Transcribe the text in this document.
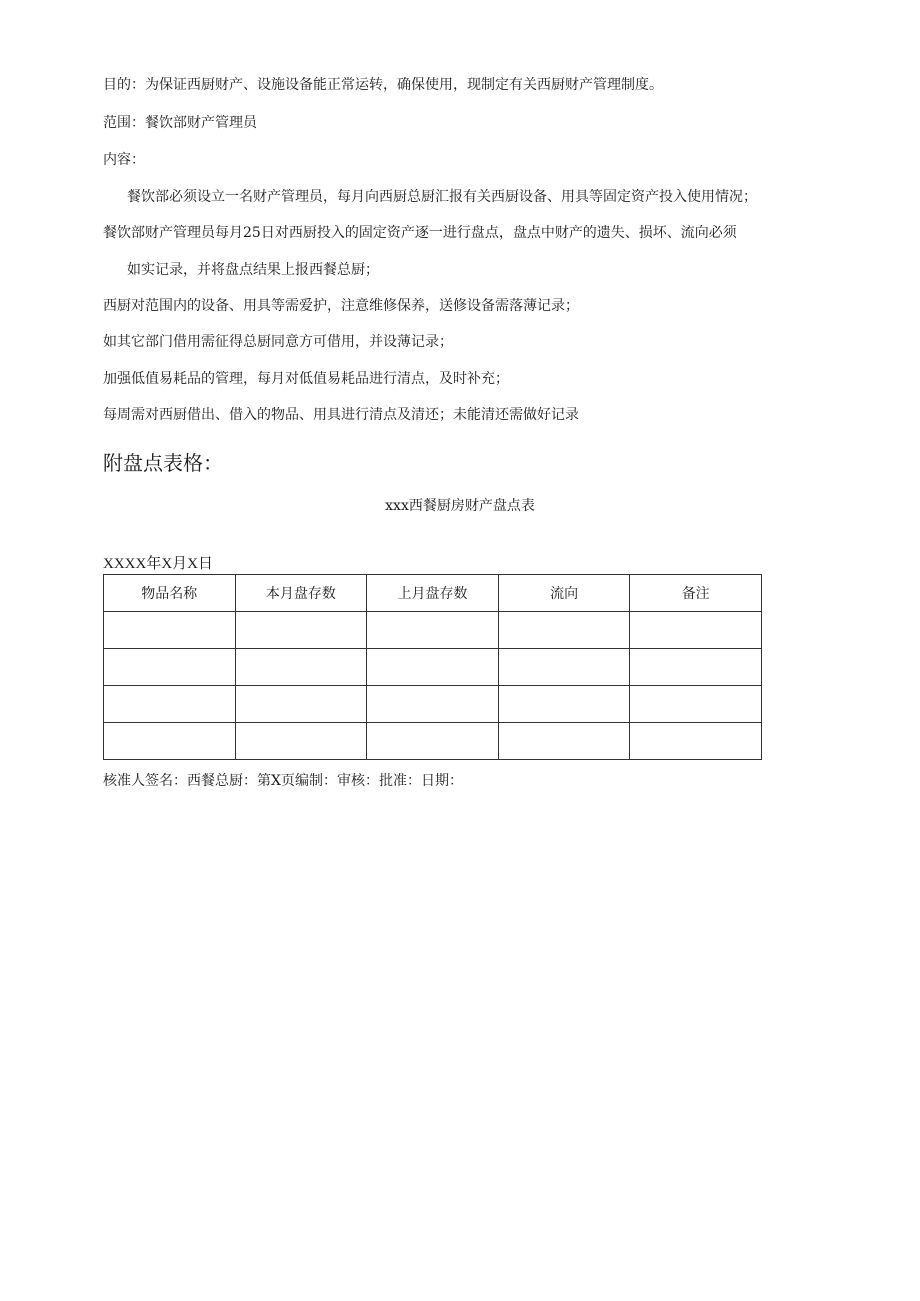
目的：为保证西厨财产、设施设备能正常运转，确保使用，现制定有关西厨财产管理制度。
范围：餐饮部财产管理员
内容：
餐饮部必须设立一名财产管理员，每月向西厨总厨汇报有关西厨设备、用具等固定资产投入使用情况；
餐饮部财产管理员每月25日对西厨投入的固定资产逐一进行盘点，盘点中财产的遗失、损坏、流向必须
如实记录，并将盘点结果上报西餐总厨；
西厨对范围内的设备、用具等需爱护，注意维修保养，送修设备需落薄记录；
如其它部门借用需征得总厨同意方可借用，并设薄记录；
加强低值易耗品的管理，每月对低值易耗品进行清点，及时补充；
每周需对西厨借出、借入的物品、用具进行清点及清还；未能清还需做好记录
附盘点表格：
xxx西餐厨房财产盘点表
XXXX年X月X日
物品名称	本月盘存数	上月盘存数	流向	备注

核准人签名：西餐总厨：第X页编制：审核：批准：日期：
